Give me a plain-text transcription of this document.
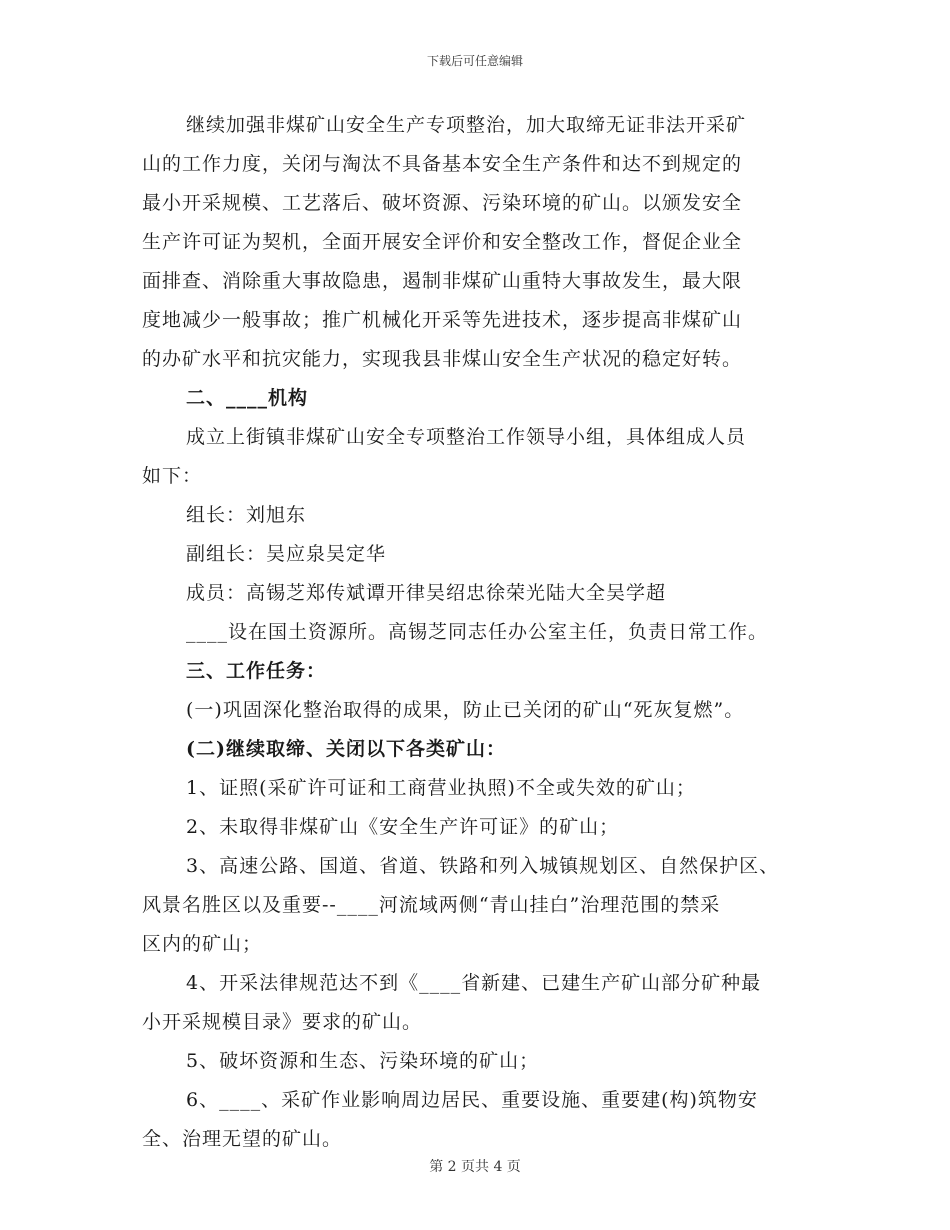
下载后可任意编辑
继续加强非煤矿山安全生产专项整治，加大取缔无证非法开采矿
山的工作力度，关闭与淘汰不具备基本安全生产条件和达不到规定的
最小开采规模、工艺落后、破坏资源、污染环境的矿山。以颁发安全
生产许可证为契机，全面开展安全评价和安全整改工作，督促企业全
面排查、消除重大事故隐患，遏制非煤矿山重特大事故发生，最大限
度地减少一般事故；推广机械化开采等先进技术，逐步提高非煤矿山
的办矿水平和抗灾能力，实现我县非煤山安全生产状况的稳定好转。
二、____机构
成立上街镇非煤矿山安全专项整治工作领导小组，具体组成人员
如下：
组长：刘旭东
副组长：吴应泉吴定华
成员：高锡芝郑传斌谭开律吴绍忠徐荣光陆大全吴学超
____设在国土资源所。高锡芝同志任办公室主任，负责日常工作。
三、工作任务：
(一)巩固深化整治取得的成果，防止已关闭的矿山“死灰复燃”。
(二)继续取缔、关闭以下各类矿山：
1、证照(采矿许可证和工商营业执照)不全或失效的矿山；
2、未取得非煤矿山《安全生产许可证》的矿山；
3、高速公路、国道、省道、铁路和列入城镇规划区、自然保护区、
风景名胜区以及重要--____河流域两侧“青山挂白”治理范围的禁采
区内的矿山；
4、开采法律规范达不到《____省新建、已建生产矿山部分矿种最
小开采规模目录》要求的矿山。
5、破坏资源和生态、污染环境的矿山；
6、____、采矿作业影响周边居民、重要设施、重要建(构)筑物安
全、治理无望的矿山。
第 2 页共 4 页
